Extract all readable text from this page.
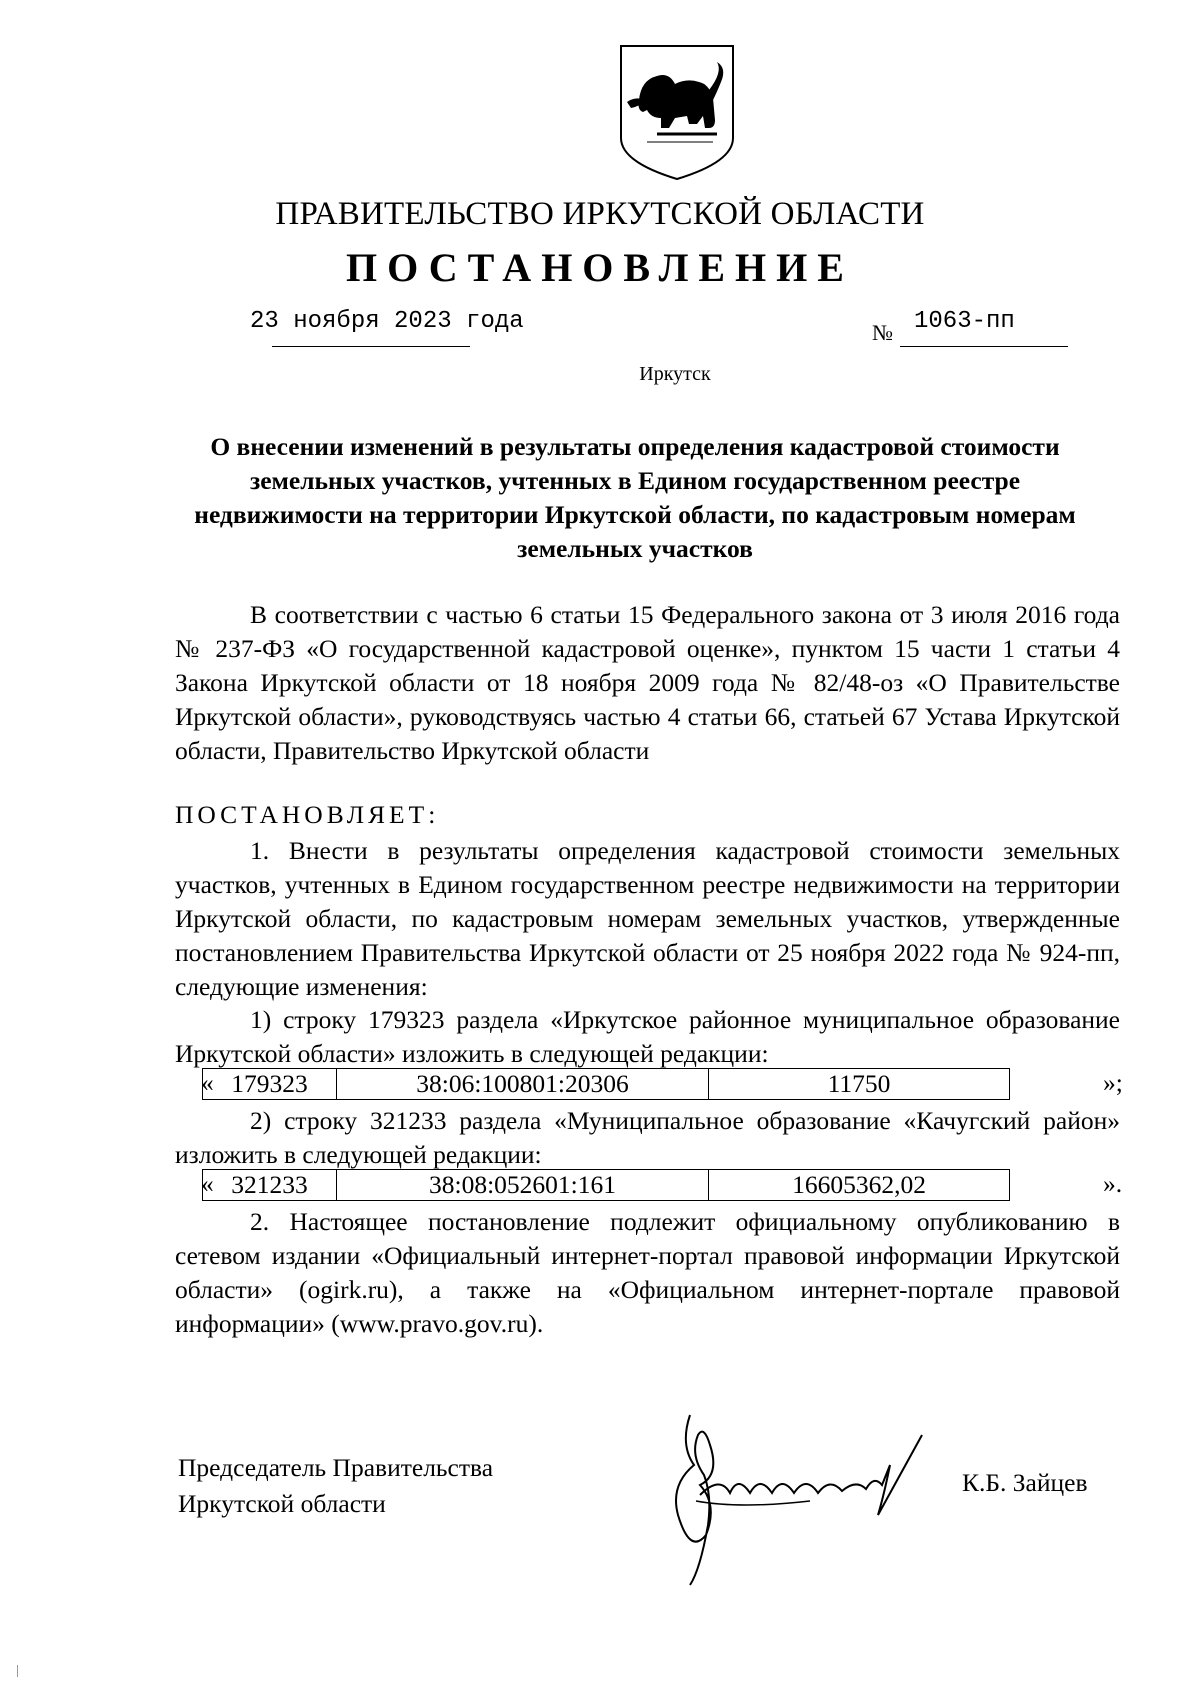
ПРАВИТЕЛЬСТВО ИРКУТСКОЙ ОБЛАСТИ
ПОСТАНОВЛЕНИЕ
23 ноября 2023 года	№ 1063-пп
Иркутск
О внесении изменений в результаты определения кадастровой стоимости земельных участков, учтенных в Едином государственном реестре недвижимости на территории Иркутской области, по кадастровым номерам земельных участков
В соответствии с частью 6 статьи 15 Федерального закона от 3 июля 2016 года № 237-ФЗ «О государственной кадастровой оценке», пунктом 15 части 1 статьи 4 Закона Иркутской области от 18 ноября 2009 года № 82/48-оз «О Правительстве Иркутской области», руководствуясь частью 4 статьи 66, статьей 67 Устава Иркутской области, Правительство Иркутской области
ПОСТАНОВЛЯЕТ:
1. Внести в результаты определения кадастровой стоимости земельных участков, учтенных в Едином государственном реестре недвижимости на территории Иркутской области, по кадастровым номерам земельных участков, утвержденные постановлением Правительства Иркутской области от 25 ноября 2022 года № 924-пп, следующие изменения:
1) строку 179323 раздела «Иркутское районное муниципальное образование Иркутской области» изложить в следующей редакции:
« 179323	38:06:100801:20306	11750	»;
2) строку 321233 раздела «Муниципальное образование «Качугский район» изложить в следующей редакции:
« 321233	38:08:052601:161	16605362,02	».
2. Настоящее постановление подлежит официальному опубликованию в сетевом издании «Официальный интернет-портал правовой информации Иркутской области» (ogirk.ru), а также на «Официальном интернет-портале правовой информации» (www.pravo.gov.ru).
Председатель Правительства
Иркутской области
К.Б. Зайцев
